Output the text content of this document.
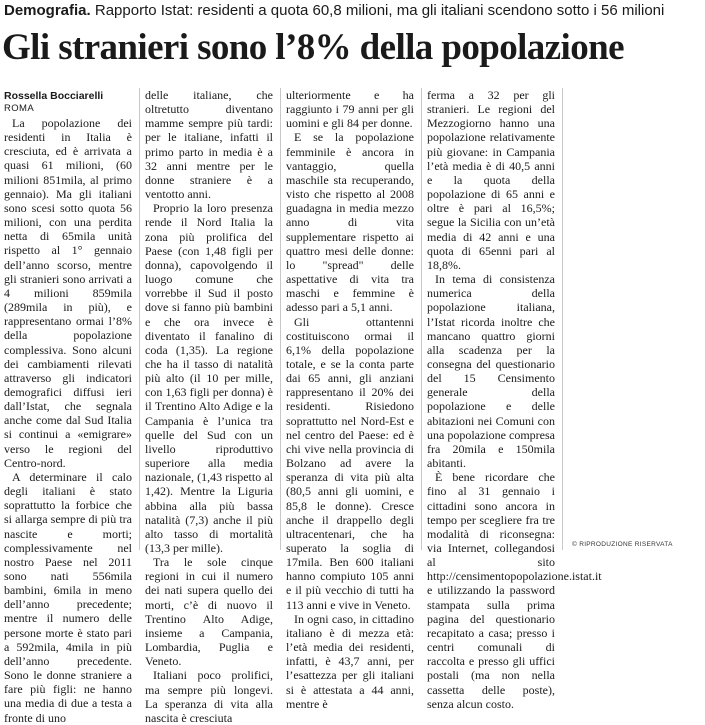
Demografia. Rapporto Istat: residenti a quota 60,8 milioni, ma gli italiani scendono sotto i 56 milioni
Gli stranieri sono l’8% della popolazione
Rossella Bocciarelli
ROMA

La popolazione dei residenti in Italia è cresciuta, ed è arrivata a quasi 61 milioni, (60 milioni 851mila, al primo gennaio). Ma gli italiani sono scesi sotto quota 56 milioni, con una perdita netta di 65mila unità rispetto al 1° gennaio dell’anno scorso, mentre gli stranieri sono arrivati a 4 milioni 859mila (289mila in più), e rappresentano ormai l’8% della popolazione complessiva. Sono alcuni dei cambiamenti rilevati attraverso gli indicatori demografici diffusi ieri dall’Istat, che segnala anche come dal Sud Italia si continui a «emigrare» verso le regioni del Centro-nord.

A determinare il calo degli italiani è stato soprattutto la forbice che si allarga sempre di più tra nascite e morti; complessivamente nel nostro Paese nel 2011 sono nati 556mila bambini, 6mila in meno dell’anno precedente; mentre il numero delle persone morte è stato pari a 592mila, 4mila in più dell’anno precedente. Sono le donne straniere a fare più figli: ne hanno una media di due a testa a fronte di uno

delle italiane, che oltretutto diventano mamme sempre più tardi: per le italiane, infatti il primo parto in media è a 32 anni mentre per le donne straniere è a ventotto anni.

Proprio la loro presenza rende il Nord Italia la zona più prolifica del Paese (con 1,48 figli per donna), capovolgendo il luogo comune che vorrebbe il Sud il posto dove si fanno più bambini e che ora invece è diventato il fanalino di coda (1,35). La regione che ha il tasso di natalità più alto (il 10 per mille, con 1,63 figli per donna) è il Trentino Alto Adige e la Campania è l’unica tra quelle del Sud con un livello riproduttivo superiore alla media nazionale, (1,43 rispetto al 1,42). Mentre la Liguria abbina alla più bassa natalità (7,3) anche il più alto tasso di mortalità (13,3 per mille).

Tra le sole cinque regioni in cui il numero dei nati supera quello dei morti, c’è di nuovo il Trentino Alto Adige, insieme a Campania, Lombardia, Puglia e Veneto.

Italiani poco prolifici, ma sempre più longevi. La speranza di vita alla nascita è cresciuta

ulteriormente e ha raggiunto i 79 anni per gli uomini e gli 84 per donne.

E se la popolazione femminile è ancora in vantaggio, quella maschile sta recuperando, visto che rispetto al 2008 guadagna in media mezzo anno di vita supplementare rispetto ai quattro mesi delle donne: lo "spread" delle aspettative di vita tra maschi e femmine è adesso pari a 5,1 anni.

Gli ottantenni costituiscono ormai il 6,1% della popolazione totale, e se la conta parte dai 65 anni, gli anziani rappresentano il 20% dei residenti. Risiedono soprattutto nel Nord-Est e nel centro del Paese: ed è chi vive nella provincia di Bolzano ad avere la speranza di vita più alta (80,5 anni gli uomini, e 85,8 le donne). Cresce anche il drappello degli ultracentenari, che ha superato la soglia di 17mila. Ben 600 italiani hanno compiuto 105 anni e il più vecchio di tutti ha 113 anni e vive in Veneto.

In ogni caso, in cittadino italiano è di mezza età: l’età media dei residenti, infatti, è 43,7 anni, per l’esattezza per gli italiani si è attestata a 44 anni, mentre è

ferma a 32 per gli stranieri. Le regioni del Mezzogiorno hanno una popolazione relativamente più giovane: in Campania l’età media è di 40,5 anni e la quota della popolazione di 65 anni e oltre è pari al 16,5%; segue la Sicilia con un’età media di 42 anni e una quota di 65enni pari al 18,8%.

In tema di consistenza numerica della popolazione italiana, l’Istat ricorda inoltre che mancano quattro giorni alla scadenza per la consegna del questionario del 15 Censimento generale della popolazione e delle abitazioni nei Comuni con una popolazione compresa fra 20mila e 150mila abitanti.

È bene ricordare che fino al 31 gennaio i cittadini sono ancora in tempo per scegliere fra tre modalità di riconsegna: via Internet, collegandosi al sito http://censimentopopolazione.istat.it e utilizzando la password stampata sulla prima pagina del questionario recapitato a casa; presso i centri comunali di raccolta e presso gli uffici postali (ma non nella cassetta delle poste), senza alcun costo.

© RIPRODUZIONE RISERVATA
